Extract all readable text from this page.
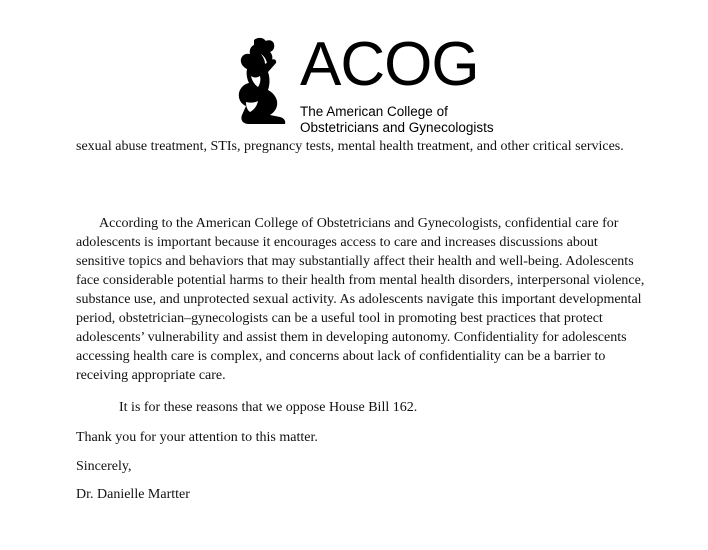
ACOG
The American College of
Obstetricians and Gynecologists

sexual abuse treatment, STIs, pregnancy tests, mental health treatment, and other critical services.

According to the American College of Obstetricians and Gynecologists, confidential care for adolescents is important because it encourages access to care and increases discussions about sensitive topics and behaviors that may substantially affect their health and well-being. Adolescents face considerable potential harms to their health from mental health disorders, interpersonal violence, substance use, and unprotected sexual activity. As adolescents navigate this important developmental period, obstetrician–gynecologists can be a useful tool in promoting best practices that protect adolescents’ vulnerability and assist them in developing autonomy. Confidentiality for adolescents accessing health care is complex, and concerns about lack of confidentiality can be a barrier to receiving appropriate care.

It is for these reasons that we oppose House Bill 162.

Thank you for your attention to this matter.

Sincerely,

Dr. Danielle Martter
